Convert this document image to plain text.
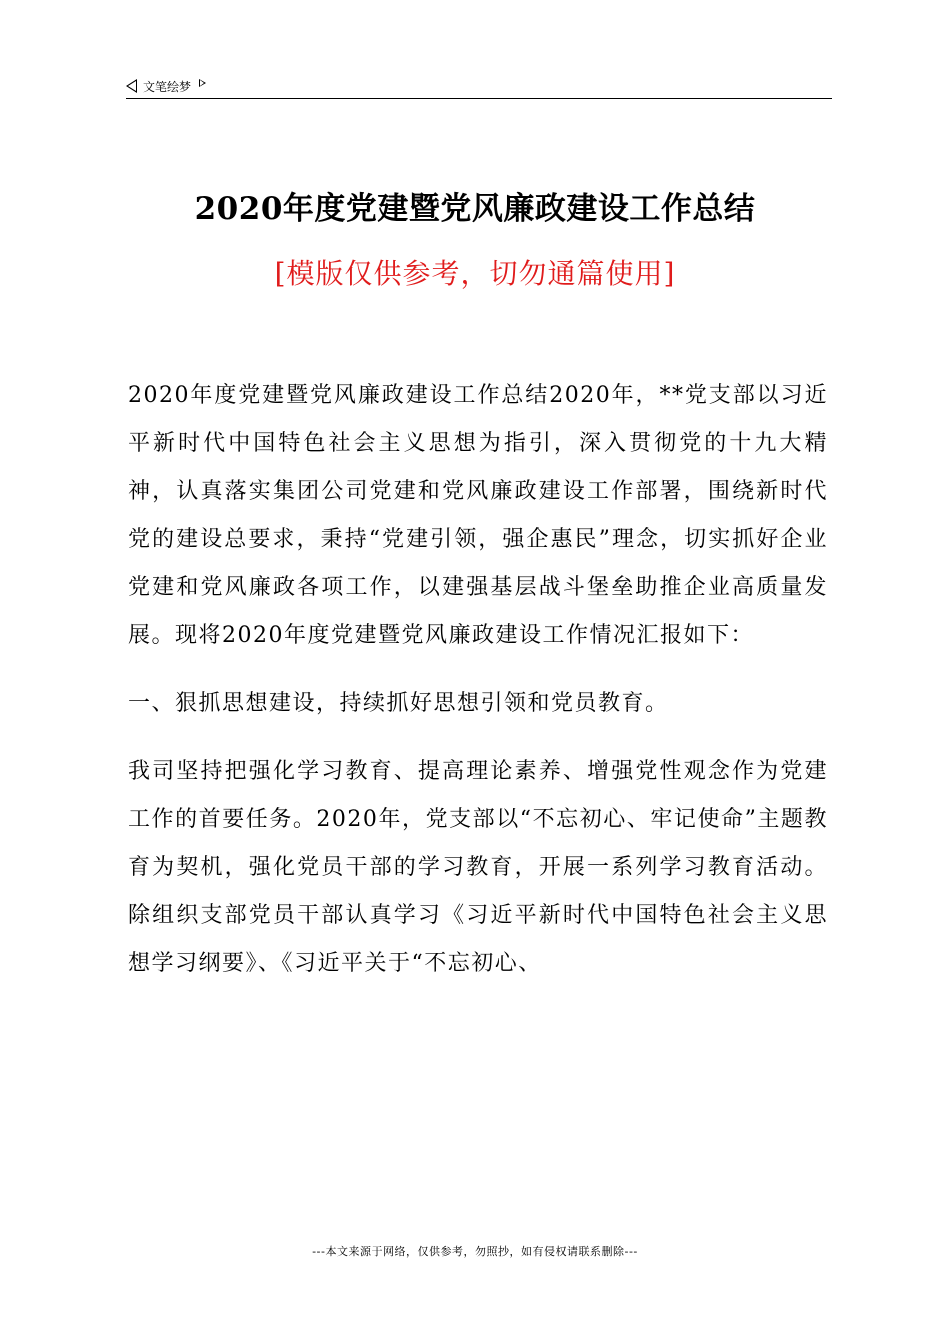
文笔绘梦
2020年度党建暨党风廉政建设工作总结
[模版仅供参考，切勿通篇使用]

2020年度党建暨党风廉政建设工作总结2020年，**党支部以习近平新时代中国特色社会主义思想为指引，深入贯彻党的十九大精神，认真落实集团公司党建和党风廉政建设工作部署，围绕新时代党的建设总要求，秉持“党建引领，强企惠民”理念，切实抓好企业党建和党风廉政各项工作，以建强基层战斗堡垒助推企业高质量发展。现将2020年度党建暨党风廉政建设工作情况汇报如下：

一、狠抓思想建设，持续抓好思想引领和党员教育。

我司坚持把强化学习教育、提高理论素养、增强党性观念作为党建工作的首要任务。2020年，党支部以“不忘初心、牢记使命”主题教育为契机，强化党员干部的学习教育，开展一系列学习教育活动。除组织支部党员干部认真学习《习近平新时代中国特色社会主义思想学习纲要》、《习近平关于“不忘初心、

---本文来源于网络，仅供参考，勿照抄，如有侵权请联系删除---
